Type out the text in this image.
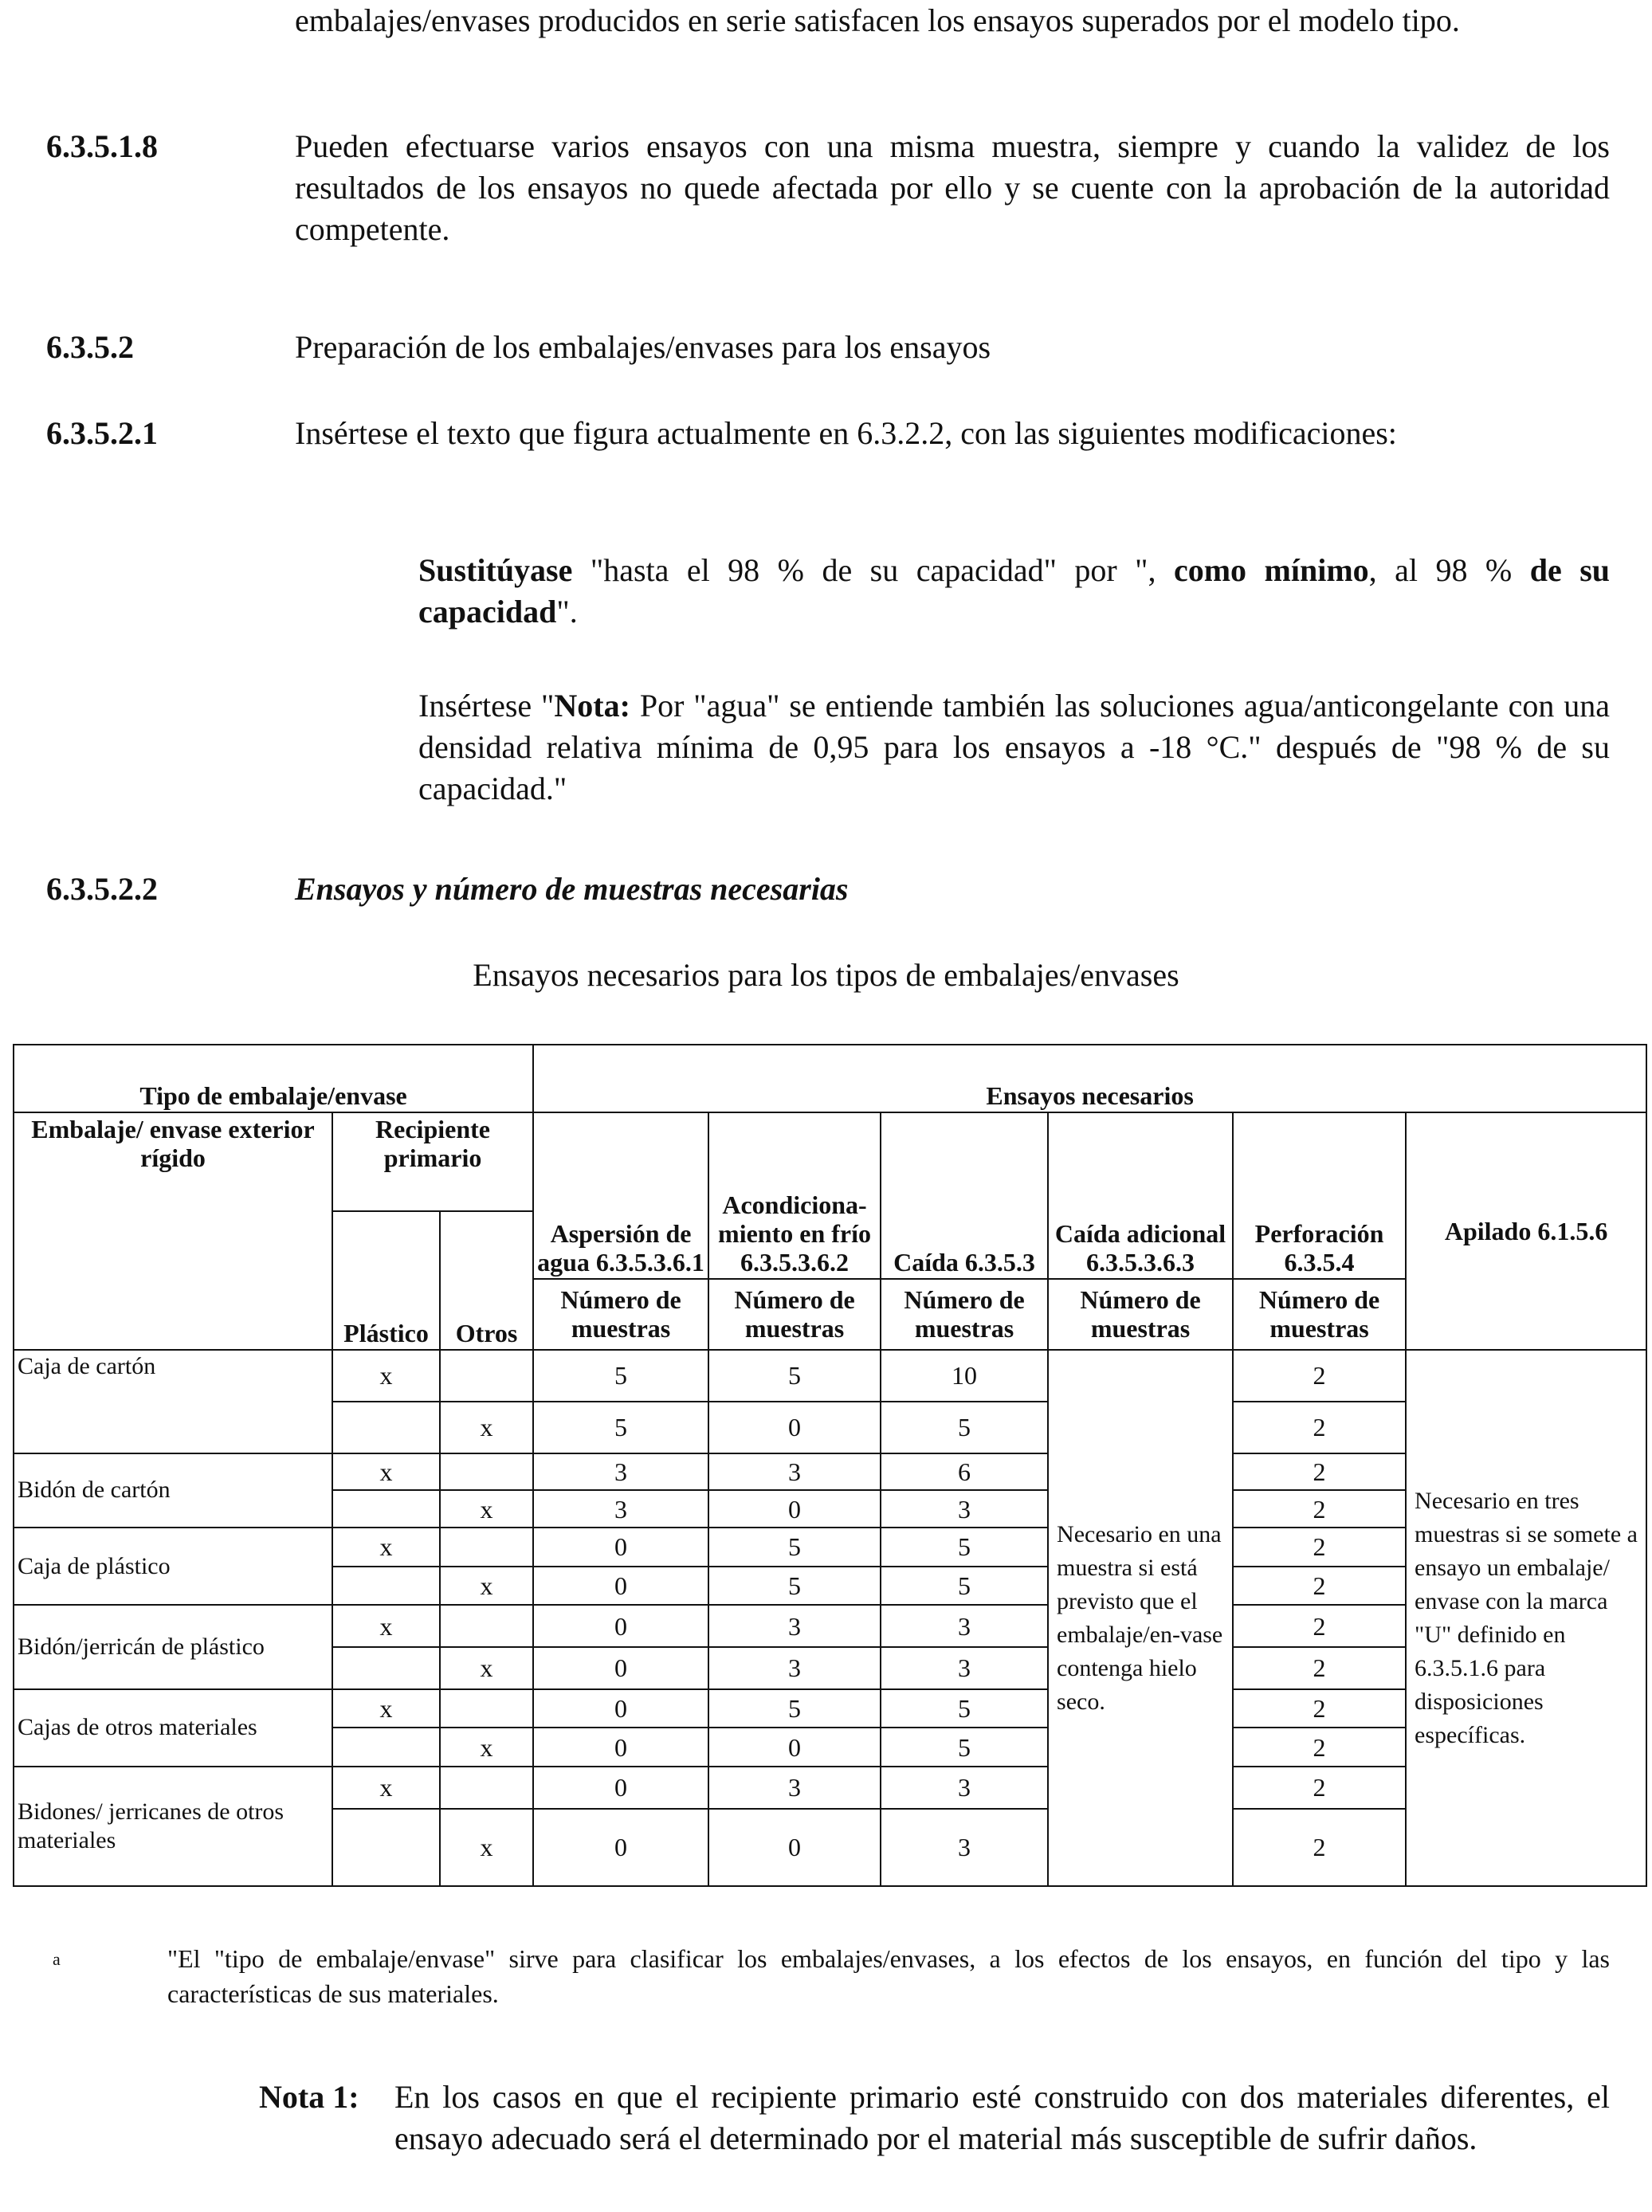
embalajes/envases producidos en serie satisfacen los ensayos superados por el modelo tipo.
6.3.5.1.8	Pueden efectuarse varios ensayos con una misma muestra, siempre y cuando la validez de los resultados de los ensayos no quede afectada por ello y se cuente con la aprobación de la autoridad competente.
6.3.5.2	Preparación de los embalajes/envases para los ensayos
6.3.5.2.1	Insértese el texto que figura actualmente en 6.3.2.2, con las siguientes modificaciones:
Sustitúyase "hasta el 98 % de su capacidad" por ", como mínimo, al 98 % de su capacidad".
Insértese "Nota: Por "agua" se entiende también las soluciones agua/anticongelante con una densidad relativa mínima de 0,95 para los ensayos a -18 °C." después de "98 % de su capacidad."
6.3.5.2.2	Ensayos y número de muestras necesarias
Ensayos necesarios para los tipos de embalajes/envases
Tipo de embalaje/envase			Ensayos necesarios					
Embalaje/ envase exterior rígido	Recipiente primario		Aspersión de agua 6.3.5.3.6.1	Acondiciona-miento en frío 6.3.5.3.6.2	Caída 6.3.5.3	Caída adicional 6.3.5.3.6.3	Perforación 6.3.5.4	Apilado 6.1.5.6
	Plástico	Otros						
			Número de muestras	Número de muestras	Número de muestras	Número de muestras	Número de muestras	
Caja de cartón	x		5	5	10	Necesario en una muestra si está previsto que el embalaje/en-vase contenga hielo seco.	2	Necesario en tres muestras si se somete a ensayo un embalaje/ envase con la marca "U" definido en 6.3.5.1.6 para disposiciones específicas.
		x	5	0	5		2	
Bidón de cartón	x		3	3	6		2	
		x	3	0	3		2	
Caja de plástico	x		0	5	5		2	
		x	0	5	5		2	
Bidón/jerricán de plástico	x		0	3	3		2	
		x	0	3	3		2	
Cajas de otros materiales	x		0	5	5		2	
		x	0	0	5		2	
Bidones/ jerricanes de otros materiales	x		0	3	3		2	
		x	0	0	3		2	
a	"El "tipo de embalaje/envase" sirve para clasificar los embalajes/envases, a los efectos de los ensayos, en función del tipo y las características de sus materiales.
Nota 1: En los casos en que el recipiente primario esté construido con dos materiales diferentes, el ensayo adecuado será el determinado por el material más susceptible de sufrir daños.
